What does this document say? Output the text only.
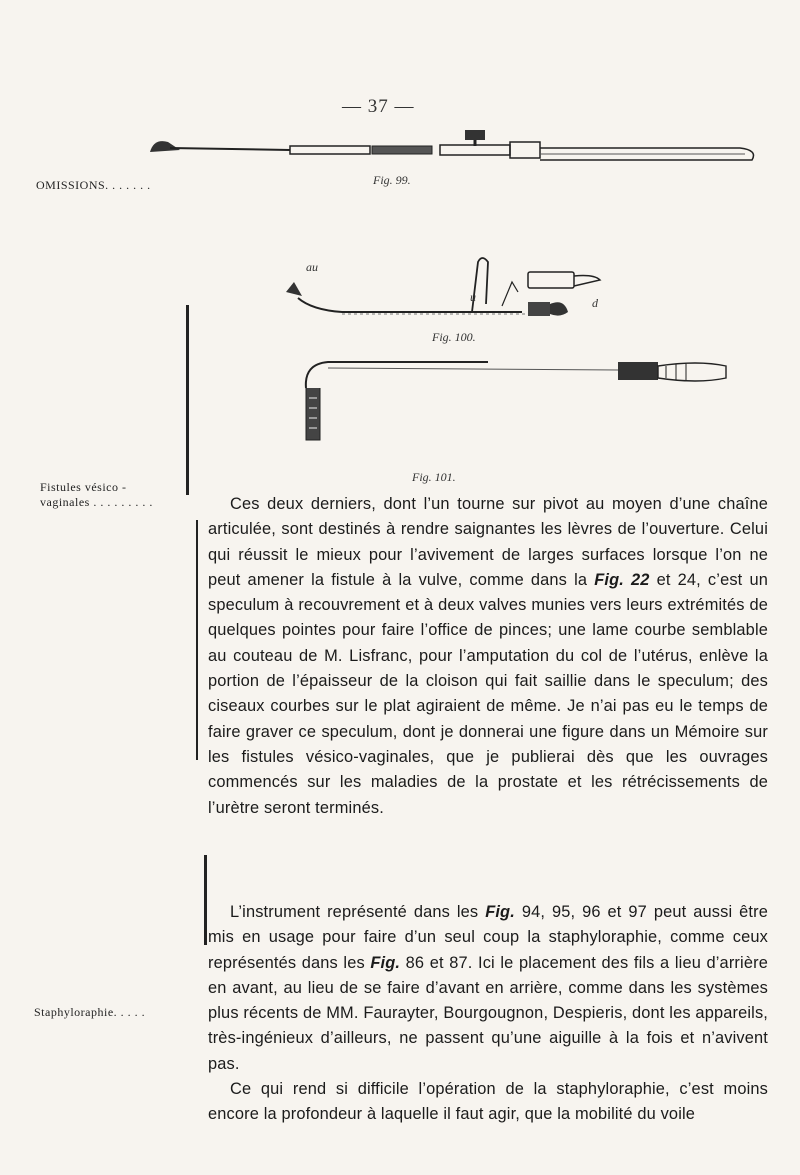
— 37 —
OMISSIONS. . . . . . .	Fig. 99.
au
u	d
Fig. 100.
Fig. 101.
Fistules vésico -
vaginales . . . . . . . . .	Ces deux derniers, dont l’un tourne sur pivot au moyen d’une chaîne articulée, sont destinés à rendre saignantes les lèvres de l’ouverture. Celui qui réussit le mieux pour l’avivement de larges surfaces lorsque l’on ne peut amener la fistule à la vulve, comme dans la Fig. 22 et 24, c’est un speculum à recouvrement et à deux valves munies vers leurs extrémités de quelques pointes pour faire l’office de pinces; une lame courbe semblable au couteau de M. Lisfranc, pour l’amputation du col de l’utérus, enlève la portion de l’épaisseur de la cloison qui fait saillie dans le speculum; des ciseaux courbes sur le plat agiraient de même. Je n’ai pas eu le temps de faire graver ce speculum, dont je donnerai une figure dans un Mémoire sur les fistules vésico-vaginales, que je publierai dès que les ouvrages commencés sur les maladies de la prostate et les rétrécissements de l’urètre seront terminés.

L’instrument représenté dans les Fig. 94, 95, 96 et 97 peut aussi être mis en usage pour faire d’un seul coup la staphyloraphie, comme ceux représentés dans les Fig. 86 et 87. Ici le placement des fils a lieu d’arrière en avant, au lieu de se faire d’avant en arrière, comme dans les systèmes plus récents de MM. Faurayter, Bourgougnon, Despieris, dont les appareils, très-ingénieux d’ailleurs, ne passent qu’une aiguille à la fois et n’avivent pas.

Staphyloraphie. . . . .

Ce qui rend si difficile l’opération de la staphyloraphie, c’est moins encore la profondeur à laquelle il faut agir, que la mobilité du voile
